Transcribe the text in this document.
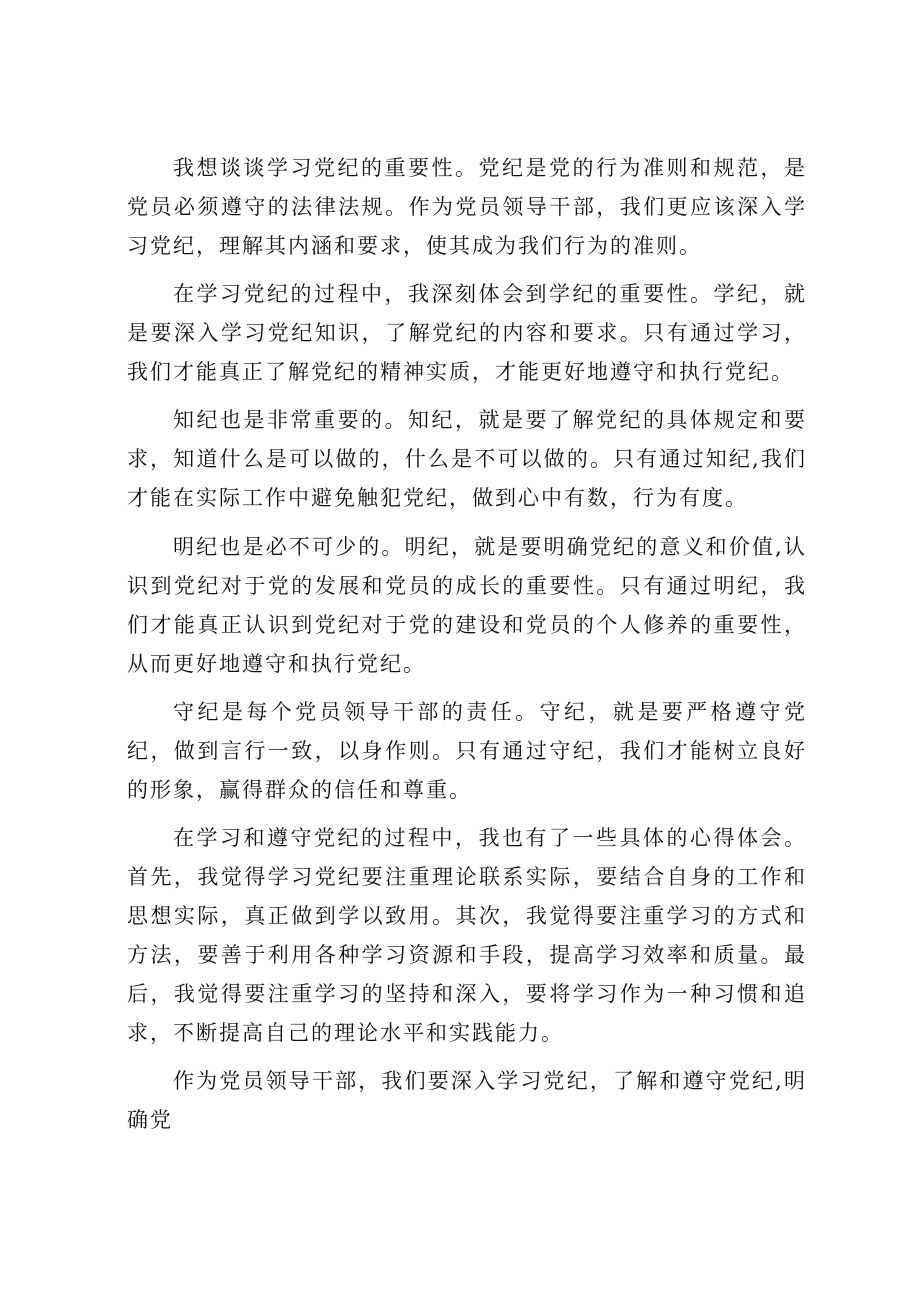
我想谈谈学习党纪的重要性。党纪是党的行为准则和规范，是党员必须遵守的法律法规。作为党员领导干部，我们更应该深入学习党纪，理解其内涵和要求，使其成为我们行为的准则。

在学习党纪的过程中，我深刻体会到学纪的重要性。学纪，就是要深入学习党纪知识，了解党纪的内容和要求。只有通过学习，我们才能真正了解党纪的精神实质，才能更好地遵守和执行党纪。

知纪也是非常重要的。知纪，就是要了解党纪的具体规定和要求，知道什么是可以做的，什么是不可以做的。只有通过知纪,我们才能在实际工作中避免触犯党纪，做到心中有数，行为有度。

明纪也是必不可少的。明纪，就是要明确党纪的意义和价值,认识到党纪对于党的发展和党员的成长的重要性。只有通过明纪，我们才能真正认识到党纪对于党的建设和党员的个人修养的重要性，从而更好地遵守和执行党纪。

守纪是每个党员领导干部的责任。守纪，就是要严格遵守党纪，做到言行一致，以身作则。只有通过守纪，我们才能树立良好的形象，赢得群众的信任和尊重。

在学习和遵守党纪的过程中，我也有了一些具体的心得体会。首先，我觉得学习党纪要注重理论联系实际，要结合自身的工作和思想实际，真正做到学以致用。其次，我觉得要注重学习的方式和方法，要善于利用各种学习资源和手段，提高学习效率和质量。最后，我觉得要注重学习的坚持和深入，要将学习作为一种习惯和追求，不断提高自己的理论水平和实践能力。

作为党员领导干部，我们要深入学习党纪，了解和遵守党纪,明确党
